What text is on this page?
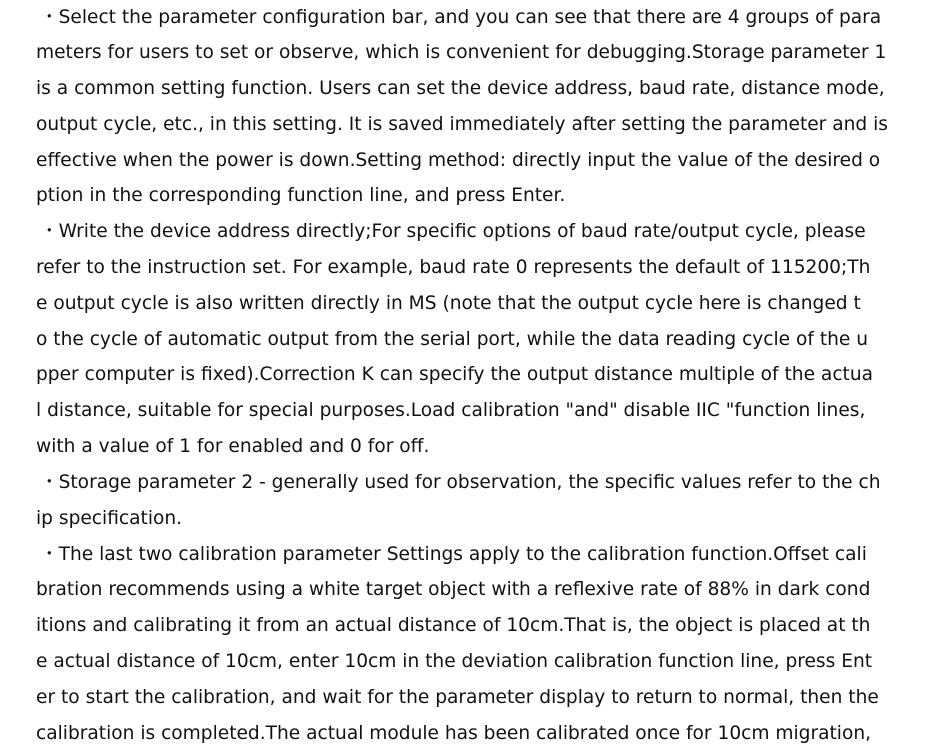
・Select the parameter configuration bar, and you can see that there are 4 groups of para
meters for users to set or observe, which is convenient for debugging.Storage parameter 1
is a common setting function. Users can set the device address, baud rate, distance mode,
output cycle, etc., in this setting. It is saved immediately after setting the parameter and is
effective when the power is down.Setting method: directly input the value of the desired o
ption in the corresponding function line, and press Enter.
・Write the device address directly;For specific options of baud rate/output cycle, please
refer to the instruction set. For example, baud rate 0 represents the default of 115200;Th
e output cycle is also written directly in MS (note that the output cycle here is changed t
o the cycle of automatic output from the serial port, while the data reading cycle of the u
pper computer is fixed).Correction K can specify the output distance multiple of the actua
l distance, suitable for special purposes.Load calibration "and" disable IIC "function lines,
with a value of 1 for enabled and 0 for off.
・Storage parameter 2 - generally used for observation, the specific values refer to the ch
ip specification.
・The last two calibration parameter Settings apply to the calibration function.Offset cali
bration recommends using a white target object with a reflexive rate of 88% in dark cond
itions and calibrating it from an actual distance of 10cm.That is, the object is placed at th
e actual distance of 10cm, enter 10cm in the deviation calibration function line, press Ent
er to start the calibration, and wait for the parameter display to return to normal, then the
calibration is completed.The actual module has been calibrated once for 10cm migration,
